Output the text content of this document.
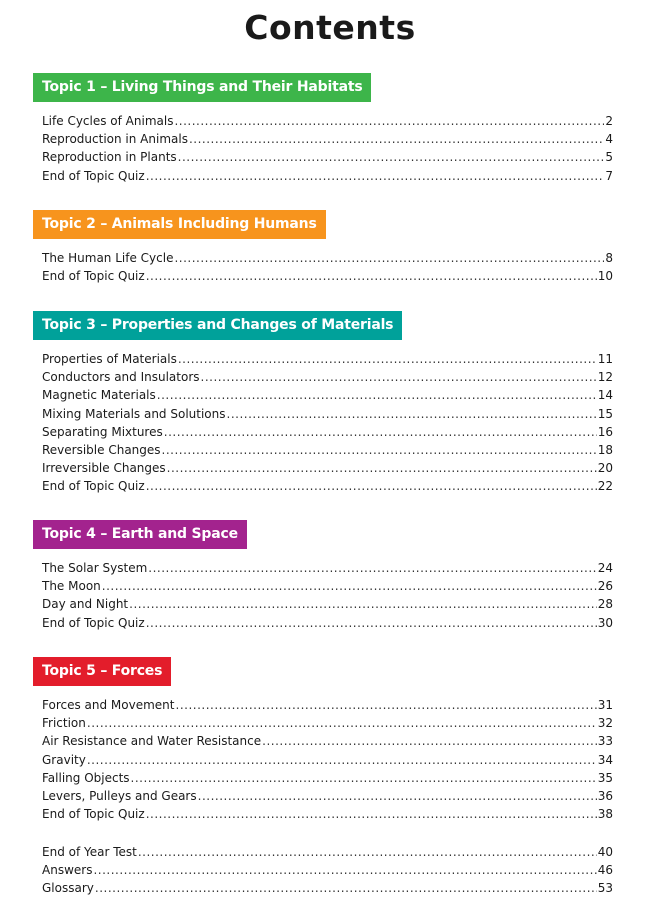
Contents
Topic 1 – Living Things and Their Habitats
Life Cycles of Animals .....	2
Reproduction in Animals .....	4
Reproduction in Plants .....	5
End of Topic Quiz .....	7
Topic 2 – Animals Including Humans
The Human Life Cycle .....	8
End of Topic Quiz .....	10
Topic 3 – Properties and Changes of Materials
Properties of Materials .....	11
Conductors and Insulators .....	12
Magnetic Materials .....	14
Mixing Materials and Solutions .....	15
Separating Mixtures .....	16
Reversible Changes .....	18
Irreversible Changes .....	20
End of Topic Quiz .....	22
Topic 4 – Earth and Space
The Solar System .....	24
The Moon .....	26
Day and Night .....	28
End of Topic Quiz .....	30
Topic 5 – Forces
Forces and Movement .....	31
Friction .....	32
Air Resistance and Water Resistance .....	33
Gravity .....	34
Falling Objects .....	35
Levers, Pulleys and Gears .....	36
End of Topic Quiz .....	38
End of Year Test .....	40
Answers .....	46
Glossary .....	53
